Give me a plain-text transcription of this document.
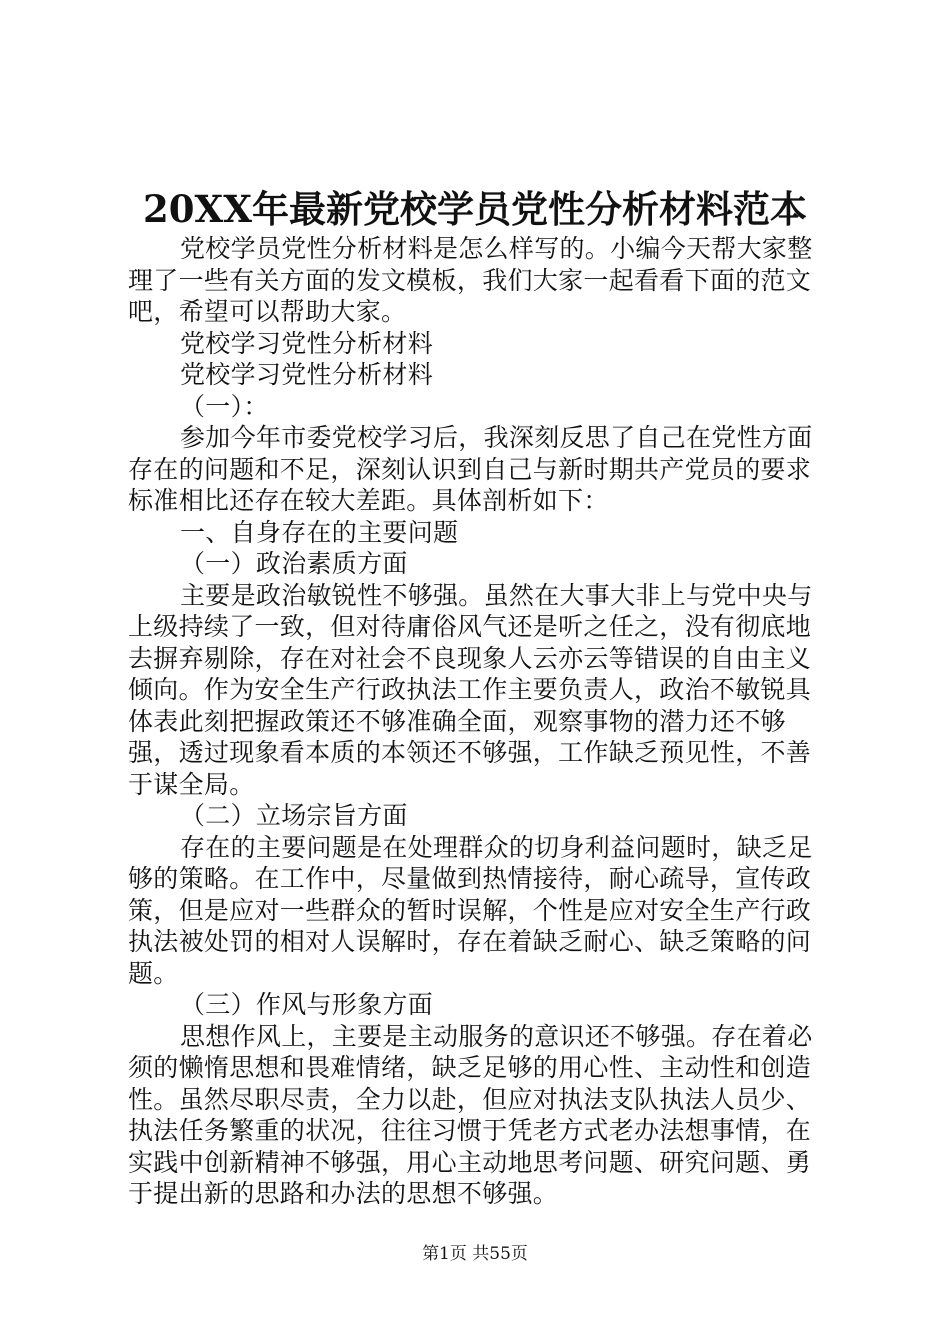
20XX年最新党校学员党性分析材料范本

党校学员党性分析材料是怎么样写的。小编今天帮大家整理了一些有关方面的发文模板，我们大家一起看看下面的范文吧，希望可以帮助大家。

党校学习党性分析材料

党校学习党性分析材料

（一）：

参加今年市委党校学习后，我深刻反思了自己在党性方面存在的问题和不足，深刻认识到自己与新时期共产党员的要求标准相比还存在较大差距。具体剖析如下：

一、自身存在的主要问题

（一）政治素质方面

主要是政治敏锐性不够强。虽然在大事大非上与党中央与上级持续了一致，但对待庸俗风气还是听之任之，没有彻底地去摒弃剔除，存在对社会不良现象人云亦云等错误的自由主义倾向。作为安全生产行政执法工作主要负责人，政治不敏锐具体表此刻把握政策还不够准确全面，观察事物的潜力还不够强，透过现象看本质的本领还不够强，工作缺乏预见性，不善于谋全局。

（二）立场宗旨方面

存在的主要问题是在处理群众的切身利益问题时，缺乏足够的策略。在工作中，尽量做到热情接待，耐心疏导，宣传政策，但是应对一些群众的暂时误解，个性是应对安全生产行政执法被处罚的相对人误解时，存在着缺乏耐心、缺乏策略的问题。

（三）作风与形象方面

思想作风上，主要是主动服务的意识还不够强。存在着必须的懒惰思想和畏难情绪，缺乏足够的用心性、主动性和创造性。虽然尽职尽责，全力以赴，但应对执法支队执法人员少、执法任务繁重的状况，往往习惯于凭老方式老办法想事情，在实践中创新精神不够强，用心主动地思考问题、研究问题、勇于提出新的思路和办法的思想不够强。

第1页 共55页
